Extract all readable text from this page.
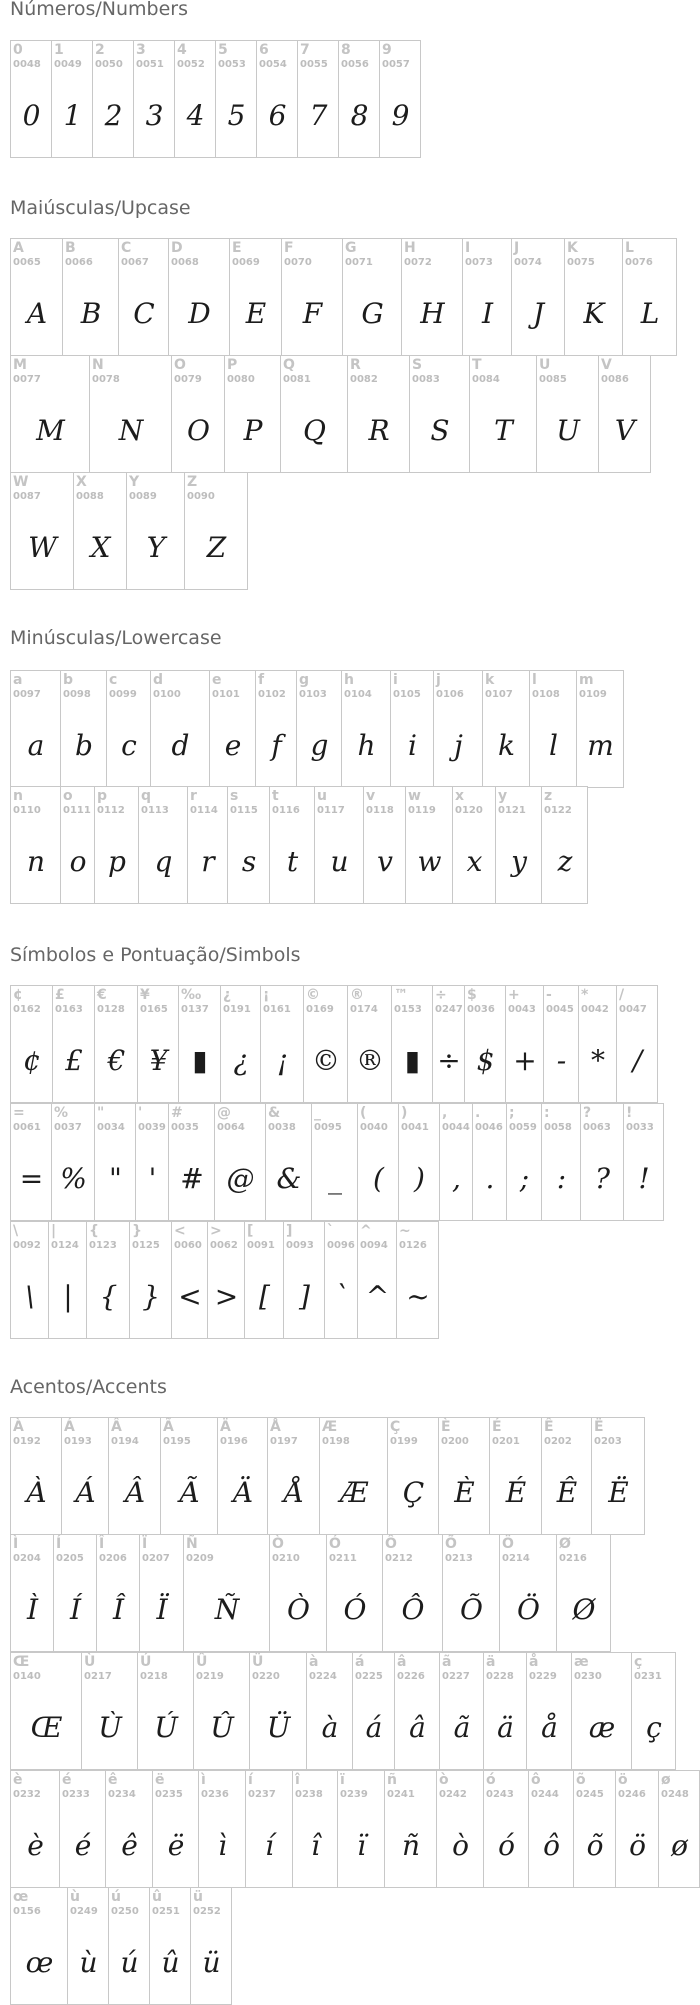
Números/Numbers
0
0048
0
1
0049
1
2
0050
2
3
0051
3
4
0052
4
5
0053
5
6
0054
6
7
0055
7
8
0056
8
9
0057
9
Maiúsculas/Upcase
A
0065
A
B
0066
B
C
0067
C
D
0068
D
E
0069
E
F
0070
F
G
0071
G
H
0072
H
I
0073
I
J
0074
J
K
0075
K
L
0076
L
M
0077
M
N
0078
N
O
0079
O
P
0080
P
Q
0081
Q
R
0082
R
S
0083
S
T
0084
T
U
0085
U
V
0086
V
W
0087
W
X
0088
X
Y
0089
Y
Z
0090
Z
Minúsculas/Lowercase
a
0097
a
b
0098
b
c
0099
c
d
0100
d
e
0101
e
f
0102
f
g
0103
g
h
0104
h
i
0105
i
j
0106
j
k
0107
k
l
0108
l
m
0109
m
n
0110
n
o
0111
o
p
0112
p
q
0113
q
r
0114
r
s
0115
s
t
0116
t
u
0117
u
v
0118
v
w
0119
w
x
0120
x
y
0121
y
z
0122
z
Símbolos e Pontuação/Simbols
¢
0162
¢
£
0163
£
€
0128
€
¥
0165
¥
‰
0137
▮
¿
0191
¿
¡
0161
¡
©
0169
©
®
0174
®
™
0153
▮
÷
0247
÷
$
0036
$
+
0043
+
-
0045
-
*
0042
*
/
0047
/
=
0061
=
%
0037
%
"
0034
"
'
0039
'
#
0035
#
@
0064
@
&
0038
&
_
0095
_
(
0040
(
)
0041
)
,
0044
,
.
0046
.
;
0059
;
:
0058
:
?
0063
?
!
0033
!
\
0092
\
|
0124
|
{
0123
{
}
0125
}
<
0060
<
>
0062
>
[
0091
[
]
0093
]
`
0096
`
^
0094
^
~
0126
~
Acentos/Accents
À
0192
À
Á
0193
Á
Â
0194
Â
Ã
0195
Ã
Ä
0196
Ä
Å
0197
Å
Æ
0198
Æ
Ç
0199
Ç
È
0200
È
É
0201
É
Ê
0202
Ê
Ë
0203
Ë
Ì
0204
Ì
Í
0205
Í
Î
0206
Î
Ï
0207
Ï
Ñ
0209
Ñ
Ò
0210
Ò
Ó
0211
Ó
Ô
0212
Ô
Õ
0213
Õ
Ö
0214
Ö
Ø
0216
Ø
Œ
0140
Œ
Ù
0217
Ù
Ú
0218
Ú
Û
0219
Û
Ü
0220
Ü
à
0224
à
á
0225
á
â
0226
â
ã
0227
ã
ä
0228
ä
å
0229
å
æ
0230
æ
ç
0231
ç
è
0232
è
é
0233
é
ê
0234
ê
ë
0235
ë
ì
0236
ì
í
0237
í
î
0238
î
ï
0239
ï
ñ
0241
ñ
ò
0242
ò
ó
0243
ó
ô
0244
ô
õ
0245
õ
ö
0246
ö
ø
0248
ø
œ
0156
œ
ù
0249
ù
ú
0250
ú
û
0251
û
ü
0252
ü
